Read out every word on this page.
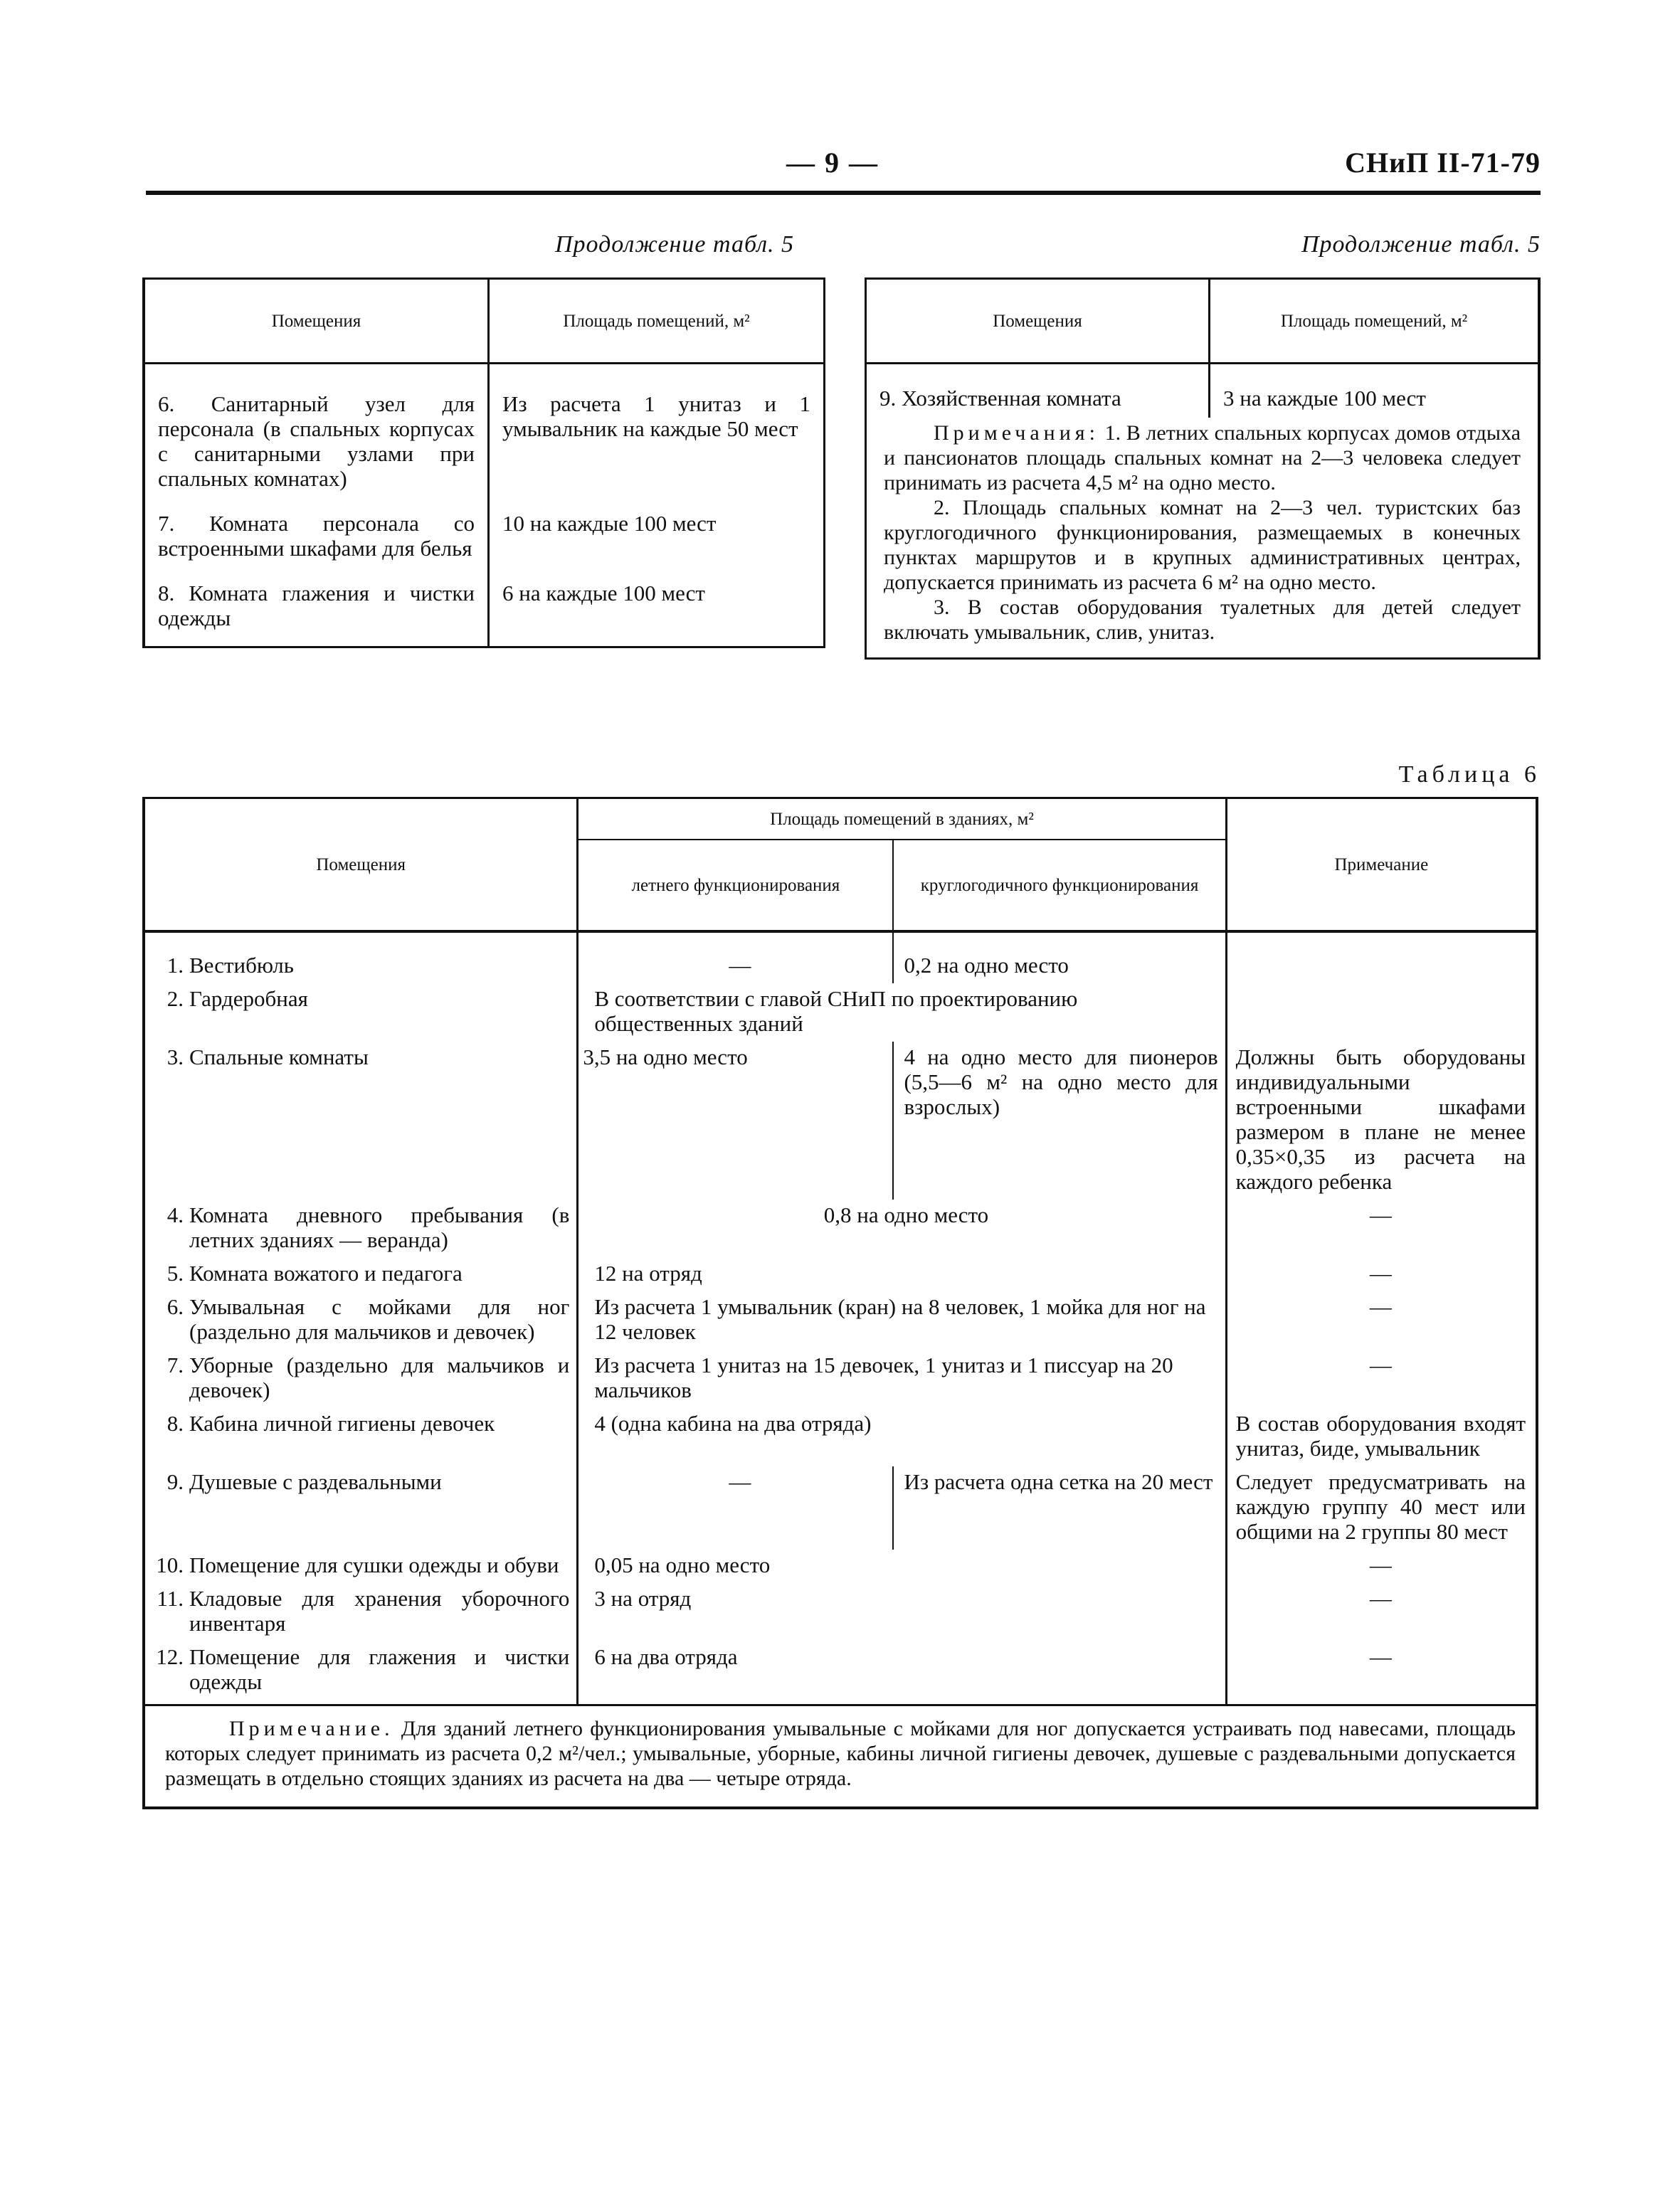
— 9 —	СНиП II-71-79
Продолжение табл. 5
Помещения	Площадь помещений, м²
6. Санитарный узел для персонала (в спальных корпусах с санитарными узлами при спальных комнатах)	Из расчета 1 унитаз и 1 умывальник на каждые 50 мест
7. Комната персонала со встроенными шкафами для белья	10 на каждые 100 мест
8. Комната глажения и чистки одежды	6 на каждые 100 мест
Продолжение табл. 5
Помещения	Площадь помещений, м²
9. Хозяйственная комната	3 на каждые 100 мест

Примечания: 1. В летних спальных корпусах домов отдыха и пансионатов площадь спальных комнат на 2—3 человека следует принимать из расчета 4,5 м² на одно место.

2. Площадь спальных комнат на 2—3 чел. туристских баз круглогодичного функционирования, размещаемых в конечных пунктах маршрутов и в крупных административных центрах, допускается принимать из расчета 6 м² на одно место.

3. В состав оборудования туалетных для детей следует включать умывальник, слив, унитаз.	

Таблица 6
Помещения	Площадь помещений в зданиях, м²		Примечание
	летнего функционирования	круглогодичного функционирования	

1. Вестибюль	—	0,2 на одно место	

2. Гардеробная	В соответствии с главой СНиП по проектированию общественных зданий		

3. Спальные комнаты	3,5 на одно место	4 на одно место для пионеров (5,5—6 м² на одно место для взрослых)	Должны быть оборудованы индивидуальными встроенными шкафами размером в плане не менее 0,35×0,35 из расчета на каждого ребенка

4. Комната дневного пребывания (в летних зданиях — веранда)	0,8 на одно место		—

5. Комната вожатого и педагога	12 на отряд		—

6. Умывальная с мойками для ног (раздельно для мальчиков и девочек)	Из расчета 1 умывальник (кран) на 8 человек, 1 мойка для ног на 12 человек		—

7. Уборные (раздельно для мальчиков и девочек)	Из расчета 1 унитаз на 15 девочек, 1 унитаз и 1 писсуар на 20 мальчиков		—

8. Кабина личной гигиены девочек	4 (одна кабина на два отряда)		В состав оборудования входят унитаз, биде, умывальник

9. Душевые с раздевальными	—	Из расчета одна сетка на 20 мест	Следует предусматривать на каждую группу 40 мест или общими на 2 группы 80 мест

10. Помещение для сушки одежды и обуви	0,05 на одно место		—

11. Кладовые для хранения уборочного инвентаря	3 на отряд		—

12. Помещение для глажения и чистки одежды	6 на два отряда		—
Примечание. Для зданий летнего функционирования умывальные с мойками для ног допускается устраивать под навесами, площадь которых следует принимать из расчета 0,2 м²/чел.; умывальные, уборные, кабины личной гигиены девочек, душевые с раздевальными допускается размещать в отдельно стоящих зданиях из расчета на два — четыре отряда.			
